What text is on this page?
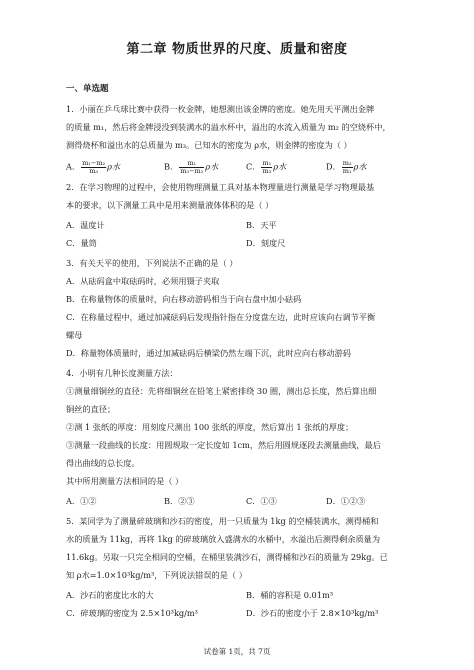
第二章 物质世界的尺度、质量和密度
一、单选题
1．小丽在乒乓球比赛中获得一枚金牌，她想测出该金牌的密度。她先用天平测出金牌
的质量 m₁，然后将金牌浸没到装满水的溢水杯中，溢出的水流入质量为 m₂ 的空烧杯中，
测得烧杯和溢出水的总质量为 m₃。已知水的密度为 ρ水，则金牌的密度为（ ）
A． $\frac{\text{m₁−m₂}}{\text{m₃}}$ ρ水	B． $\frac{\text{m₁}}{\text{m₃−m₂}}$ ρ水	C． $\frac{\text{m₁}}{\text{m₃}}$ ρ水	D． $\frac{\text{m₃}}{\text{m₁}}$ ρ水
2．在学习物理的过程中，会使用物理测量工具对基本物理量进行测量是学习物理最基
本的要求，以下测量工具中是用来测量液体体积的是（ ）
A．温度计	B．天平
C．量筒	D．刻度尺
3．有关天平的使用，下列说法不正确的是（ ）
A．从砝码盒中取砝码时，必须用镊子夹取
B．在称量物体的质量时，向右移动游码相当于向右盘中加小砝码
C．在称量过程中，通过加减砝码后发现指针指在分度盘左边，此时应该向右调节平衡
螺母
D．称量物体质量时，通过加减砝码后横梁仍然左端下沉，此时应向右移动游码
4．小明有几种长度测量方法：
①测量细铜丝的直径：先将细铜丝在铅笔上紧密排绕 30 圈，测出总长度，然后算出细
铜丝的直径；
②测 1 张纸的厚度：用刻度尺测出 100 张纸的厚度，然后算出 1 张纸的厚度；
③测量一段曲线的长度：用圆规取一定长度如 1cm，然后用圆规逐段去测量曲线，最后
得出曲线的总长度。
其中所用测量方法相同的是（ ）
A．①②	B．②③	C．①③	D．①②③
5．某同学为了测量碎玻璃和沙石的密度，用一只质量为 1kg 的空桶装满水，测得桶和
水的质量为 11kg，再将 1kg 的碎玻璃放入盛满水的水桶中，水溢出后测得剩余质量为
11.6kg。另取一只完全相同的空桶，在桶里装满沙石，测得桶和沙石的质量为 29kg。已
知 ρ水=1.0×10³kg/m³，下列说法错误的是（ ）
A．沙石的密度比水的大	B．桶的容积是 0.01m³
C．碎玻璃的密度为 2.5×10³kg/m³	D．沙石的密度小于 2.8×10³kg/m³
试卷第 1页，共 7页
